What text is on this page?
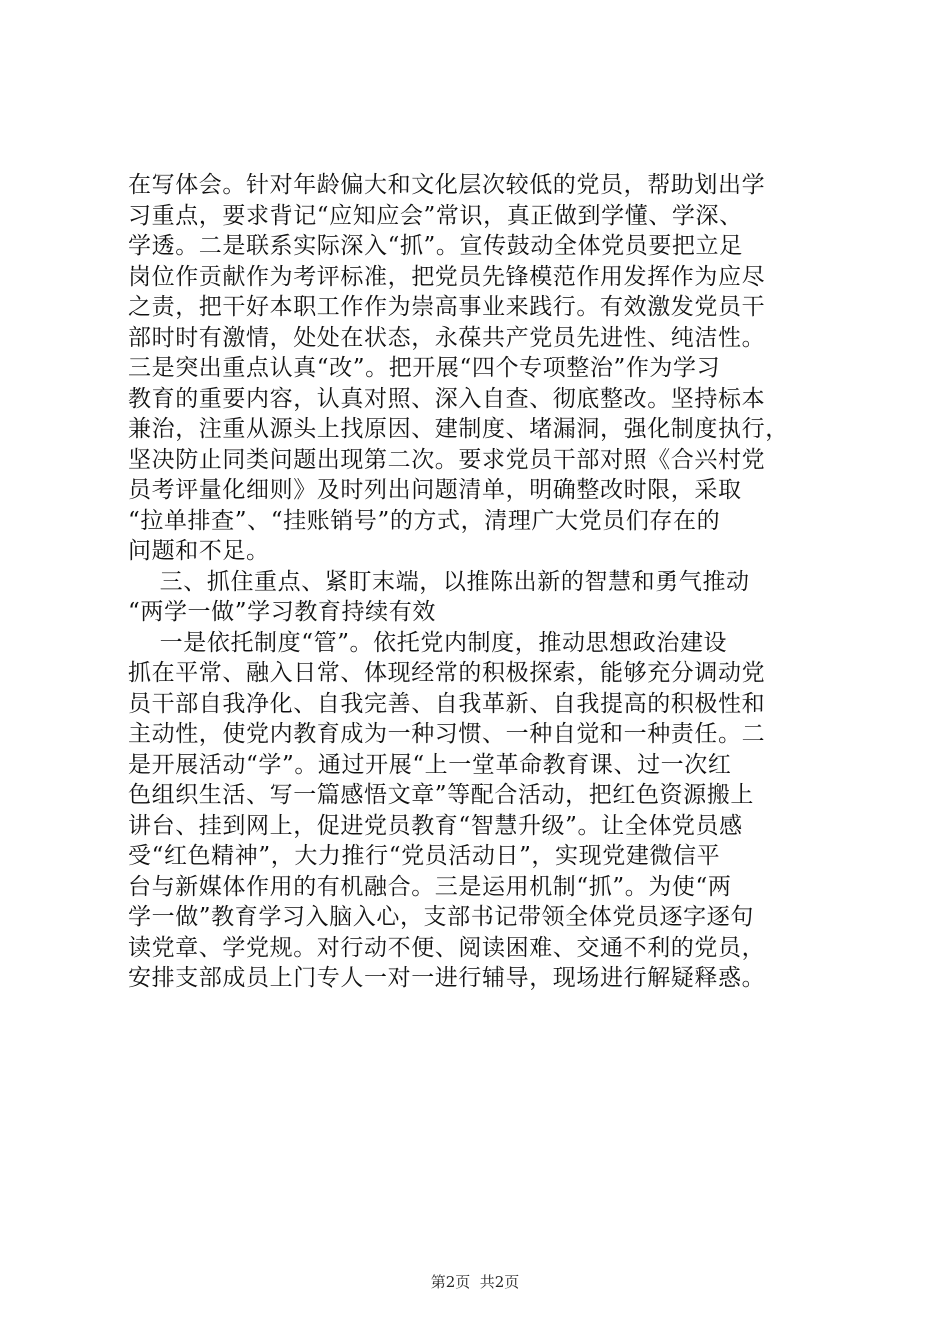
在写体会。针对年龄偏大和文化层次较低的党员，帮助划出学
习重点，要求背记“应知应会”常识，真正做到学懂、学深、
学透。二是联系实际深入“抓”。宣传鼓动全体党员要把立足
岗位作贡献作为考评标准，把党员先锋模范作用发挥作为应尽
之责，把干好本职工作作为崇高事业来践行。有效激发党员干
部时时有激情，处处在状态，永葆共产党员先进性、纯洁性。
三是突出重点认真“改”。把开展“四个专项整治”作为学习
教育的重要内容，认真对照、深入自查、彻底整改。坚持标本
兼治，注重从源头上找原因、建制度、堵漏洞，强化制度执行，
坚决防止同类问题出现第二次。要求党员干部对照《合兴村党
员考评量化细则》及时列出问题清单，明确整改时限，采取
“拉单排查”、“挂账销号”的方式，清理广大党员们存在的
问题和不足。
三、抓住重点、紧盯末端，以推陈出新的智慧和勇气推动
“两学一做”学习教育持续有效
一是依托制度“管”。依托党内制度，推动思想政治建设
抓在平常、融入日常、体现经常的积极探索，能够充分调动党
员干部自我净化、自我完善、自我革新、自我提高的积极性和
主动性，使党内教育成为一种习惯、一种自觉和一种责任。二
是开展活动“学”。通过开展“上一堂革命教育课、过一次红
色组织生活、写一篇感悟文章”等配合活动，把红色资源搬上
讲台、挂到网上，促进党员教育“智慧升级”。让全体党员感
受“红色精神”，大力推行“党员活动日”，实现党建微信平
台与新媒体作用的有机融合。三是运用机制“抓”。为使“两
学一做”教育学习入脑入心，支部书记带领全体党员逐字逐句
读党章、学党规。对行动不便、阅读困难、交通不利的党员，
安排支部成员上门专人一对一进行辅导，现场进行解疑释惑。
第2页  共2页
